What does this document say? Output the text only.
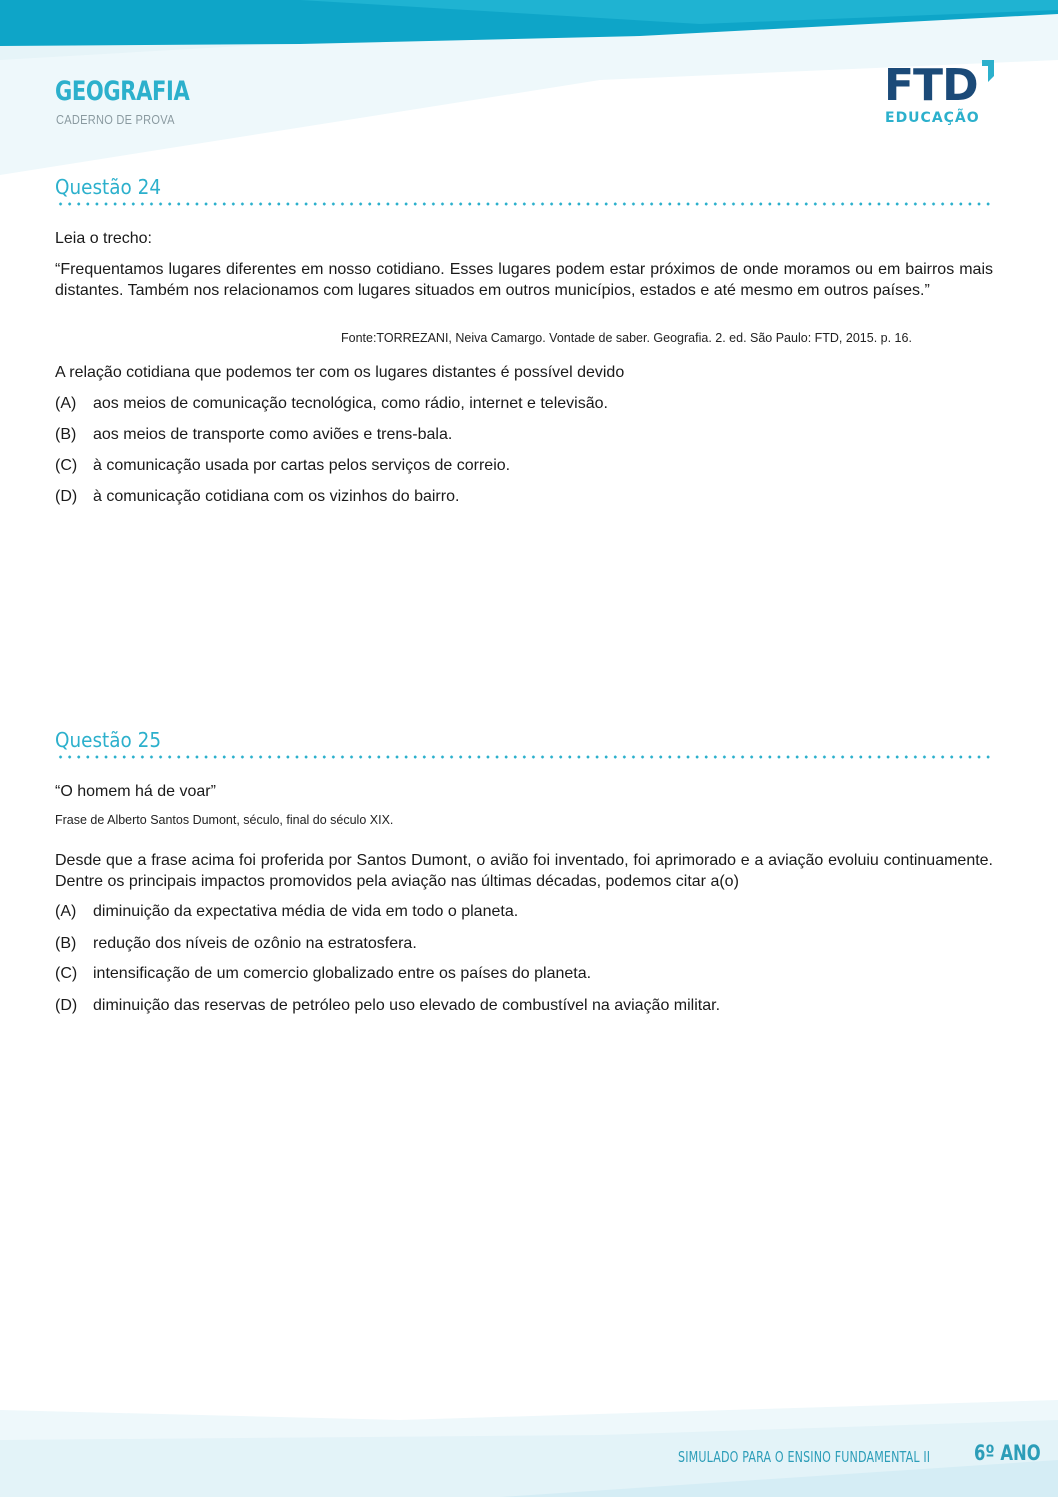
GEOGRAFIA
CADERNO DE PROVA
FTD
EDUCAÇÃO
Questão 24

Leia o trecho:

“Frequentamos lugares diferentes em nosso cotidiano. Esses lugares podem estar próximos de onde moramos ou em bairros mais distantes. Também nos relacionamos com lugares situados em outros municípios, estados e até mesmo em outros países.”

Fonte:TORREZANI, Neiva Camargo. Vontade de saber. Geografia. 2. ed. São Paulo: FTD, 2015. p. 16.

A relação cotidiana que podemos ter com os lugares distantes é possível devido

(A) aos meios de comunicação tecnológica, como rádio, internet e televisão.
(B) aos meios de transporte como aviões e trens-bala.
(C) à comunicação usada por cartas pelos serviços de correio.
(D) à comunicação cotidiana com os vizinhos do bairro.
Questão 25

“O homem há de voar”

Frase de Alberto Santos Dumont, século, final do século XIX.

Desde que a frase acima foi proferida por Santos Dumont, o avião foi inventado, foi aprimorado e a aviação evoluiu continuamente. Dentre os principais impactos promovidos pela aviação nas últimas décadas, podemos citar a(o)

(A) diminuição da expectativa média de vida em todo o planeta.
(B) redução dos níveis de ozônio na estratosfera.
(C) intensificação de um comercio globalizado entre os países do planeta.
(D) diminuição das reservas de petróleo pelo uso elevado de combustível na aviação militar.
SIMULADO PARA O ENSINO FUNDAMENTAL II 6º ANO
